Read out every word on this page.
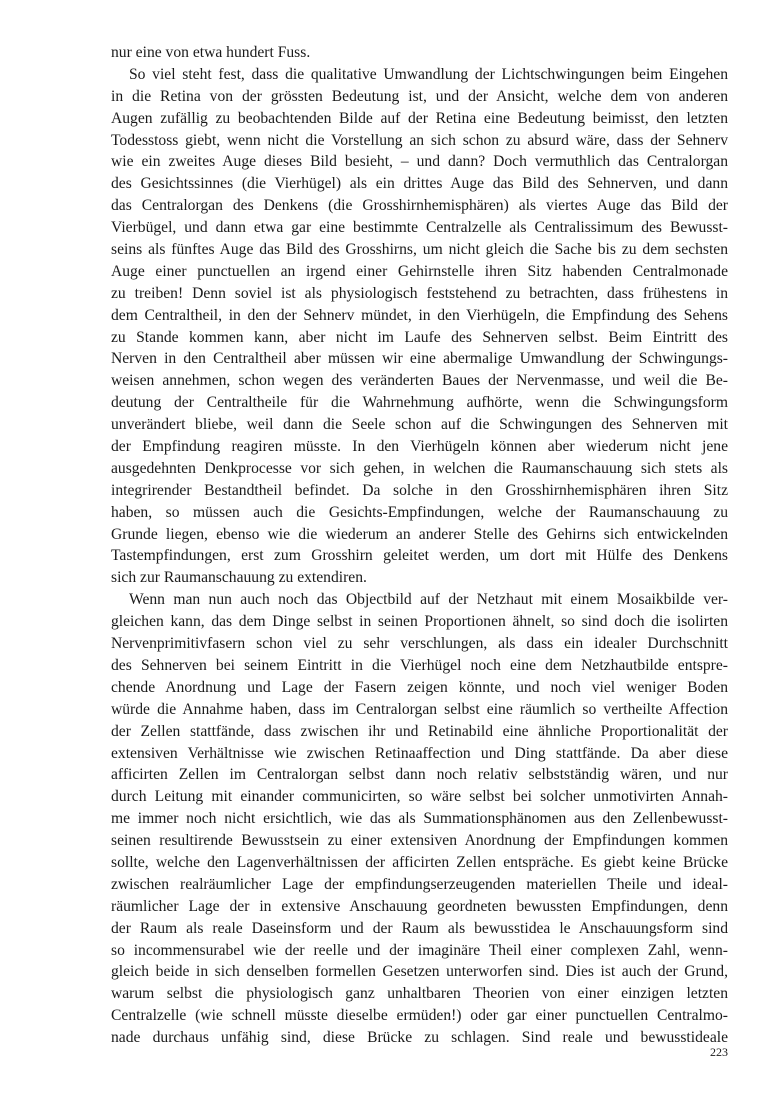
nur eine von etwa hundert Fuss.
So viel steht fest, dass die qualitative Umwandlung der Lichtschwingungen beim Eingehen
in die Retina von der grössten Bedeutung ist, und der Ansicht, welche dem von anderen
Augen zufällig zu beobachtenden Bilde auf der Retina eine Bedeutung beimisst, den letzten
Todesstoss giebt, wenn nicht die Vorstellung an sich schon zu absurd wäre, dass der Sehnerv
wie ein zweites Auge dieses Bild besieht, – und dann? Doch vermuthlich das Centralorgan
des Gesichtssinnes (die Vierhügel) als ein drittes Auge das Bild des Sehnerven, und dann
das Centralorgan des Denkens (die Grosshirnhemisphären) als viertes Auge das Bild der
Vierbügel, und dann etwa gar eine bestimmte Centralzelle als Centralissimum des Bewusst-
seins als fünftes Auge das Bild des Grosshirns, um nicht gleich die Sache bis zu dem sechsten
Auge einer punctuellen an irgend einer Gehirnstelle ihren Sitz habenden Centralmonade
zu treiben! Denn soviel ist als physiologisch feststehend zu betrachten, dass frühestens in
dem Centraltheil, in den der Sehnerv mündet, in den Vierhügeln, die Empfindung des Sehens
zu Stande kommen kann, aber nicht im Laufe des Sehnerven selbst. Beim Eintritt des
Nerven in den Centraltheil aber müssen wir eine abermalige Umwandlung der Schwingungs-
weisen annehmen, schon wegen des veränderten Baues der Nervenmasse, und weil die Be-
deutung der Centraltheile für die Wahrnehmung aufhörte, wenn die Schwingungsform
unverändert bliebe, weil dann die Seele schon auf die Schwingungen des Sehnerven mit
der Empfindung reagiren müsste. In den Vierhügeln können aber wiederum nicht jene
ausgedehnten Denkprocesse vor sich gehen, in welchen die Raumanschauung sich stets als
integrirender Bestandtheil befindet. Da solche in den Grosshirnhemisphären ihren Sitz
haben, so müssen auch die Gesichts-Empfindungen, welche der Raumanschauung zu
Grunde liegen, ebenso wie die wiederum an anderer Stelle des Gehirns sich entwickelnden
Tastempfindungen, erst zum Grosshirn geleitet werden, um dort mit Hülfe des Denkens
sich zur Raumanschauung zu extendiren.
Wenn man nun auch noch das Objectbild auf der Netzhaut mit einem Mosaikbilde ver-
gleichen kann, das dem Dinge selbst in seinen Proportionen ähnelt, so sind doch die isolirten
Nervenprimitivfasern schon viel zu sehr verschlungen, als dass ein idealer Durchschnitt
des Sehnerven bei seinem Eintritt in die Vierhügel noch eine dem Netzhautbilde entspre-
chende Anordnung und Lage der Fasern zeigen könnte, und noch viel weniger Boden
würde die Annahme haben, dass im Centralorgan selbst eine räumlich so vertheilte Affection
der Zellen stattfände, dass zwischen ihr und Retinabild eine ähnliche Proportionalität der
extensiven Verhältnisse wie zwischen Retinaaffection und Ding stattfände. Da aber diese
afficirten Zellen im Centralorgan selbst dann noch relativ selbstständig wären, und nur
durch Leitung mit einander communicirten, so wäre selbst bei solcher unmotivirten Annah-
me immer noch nicht ersichtlich, wie das als Summationsphänomen aus den Zellenbewusst-
seinen resultirende Bewusstsein zu einer extensiven Anordnung der Empfindungen kommen
sollte, welche den Lagenverhältnissen der afficirten Zellen entspräche. Es giebt keine Brücke
zwischen realräumlicher Lage der empfindungserzeugenden materiellen Theile und ideal-
räumlicher Lage der in extensive Anschauung geordneten bewussten Empfindungen, denn
der Raum als reale Daseinsform und der Raum als bewusstidea le Anschauungsform sind
so incommensurabel wie der reelle und der imaginäre Theil einer complexen Zahl, wenn-
gleich beide in sich denselben formellen Gesetzen unterworfen sind. Dies ist auch der Grund,
warum selbst die physiologisch ganz unhaltbaren Theorien von einer einzigen letzten
Centralzelle (wie schnell müsste dieselbe ermüden!) oder gar einer punctuellen Centralmo-
nade durchaus unfähig sind, diese Brücke zu schlagen. Sind reale und bewusstideale
223
